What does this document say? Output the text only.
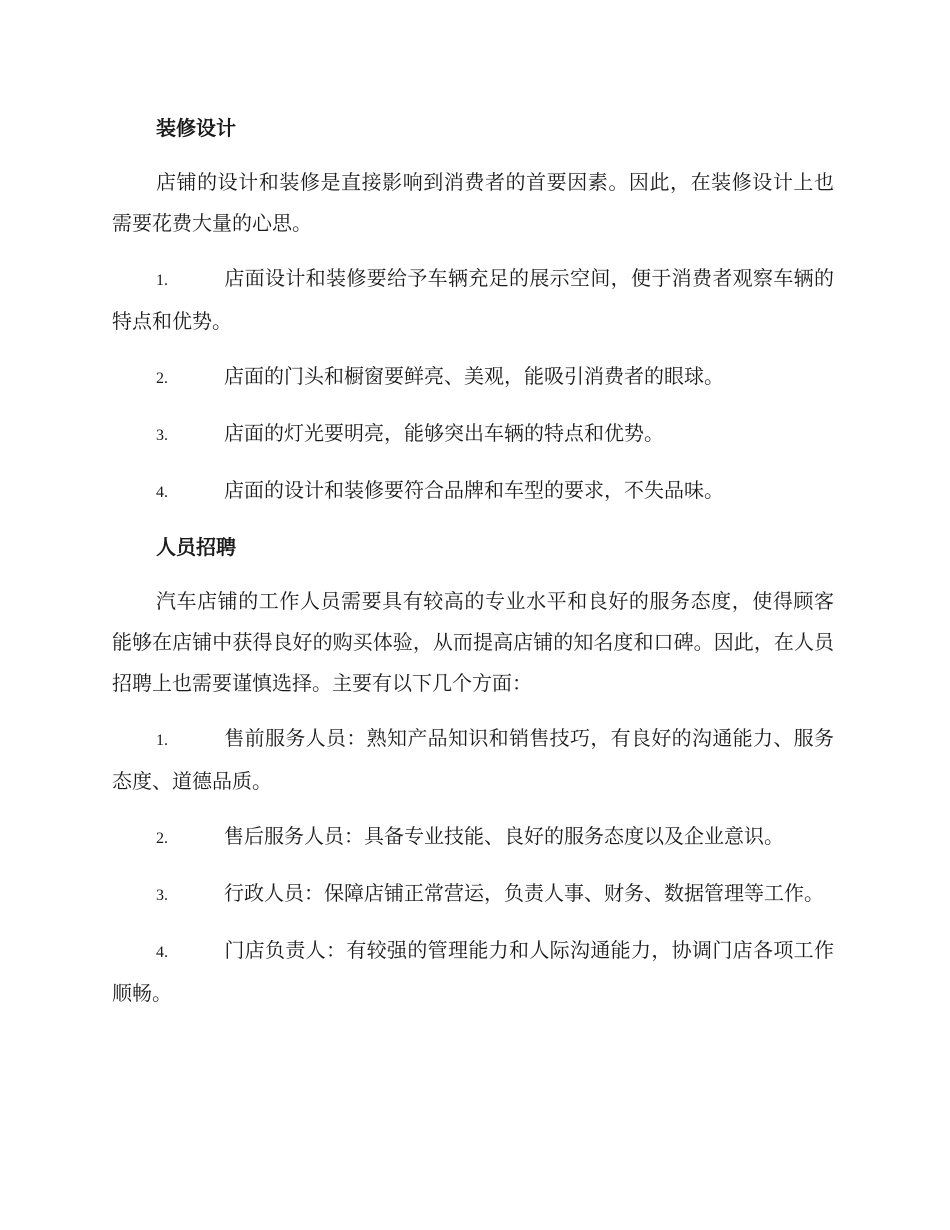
装修设计

店铺的设计和装修是直接影响到消费者的首要因素。因此，在装修设计上也需要花费大量的心思。

1.	店面设计和装修要给予车辆充足的展示空间，便于消费者观察车辆的特点和优势。

2.	店面的门头和橱窗要鲜亮、美观，能吸引消费者的眼球。

3.	店面的灯光要明亮，能够突出车辆的特点和优势。

4.	店面的设计和装修要符合品牌和车型的要求，不失品味。

人员招聘

汽车店铺的工作人员需要具有较高的专业水平和良好的服务态度，使得顾客能够在店铺中获得良好的购买体验，从而提高店铺的知名度和口碑。因此，在人员招聘上也需要谨慎选择。主要有以下几个方面：

1.	售前服务人员：熟知产品知识和销售技巧，有良好的沟通能力、服务态度、道德品质。

2.	售后服务人员：具备专业技能、良好的服务态度以及企业意识。

3.	行政人员：保障店铺正常营运，负责人事、财务、数据管理等工作。

4.	门店负责人：有较强的管理能力和人际沟通能力，协调门店各项工作顺畅。
